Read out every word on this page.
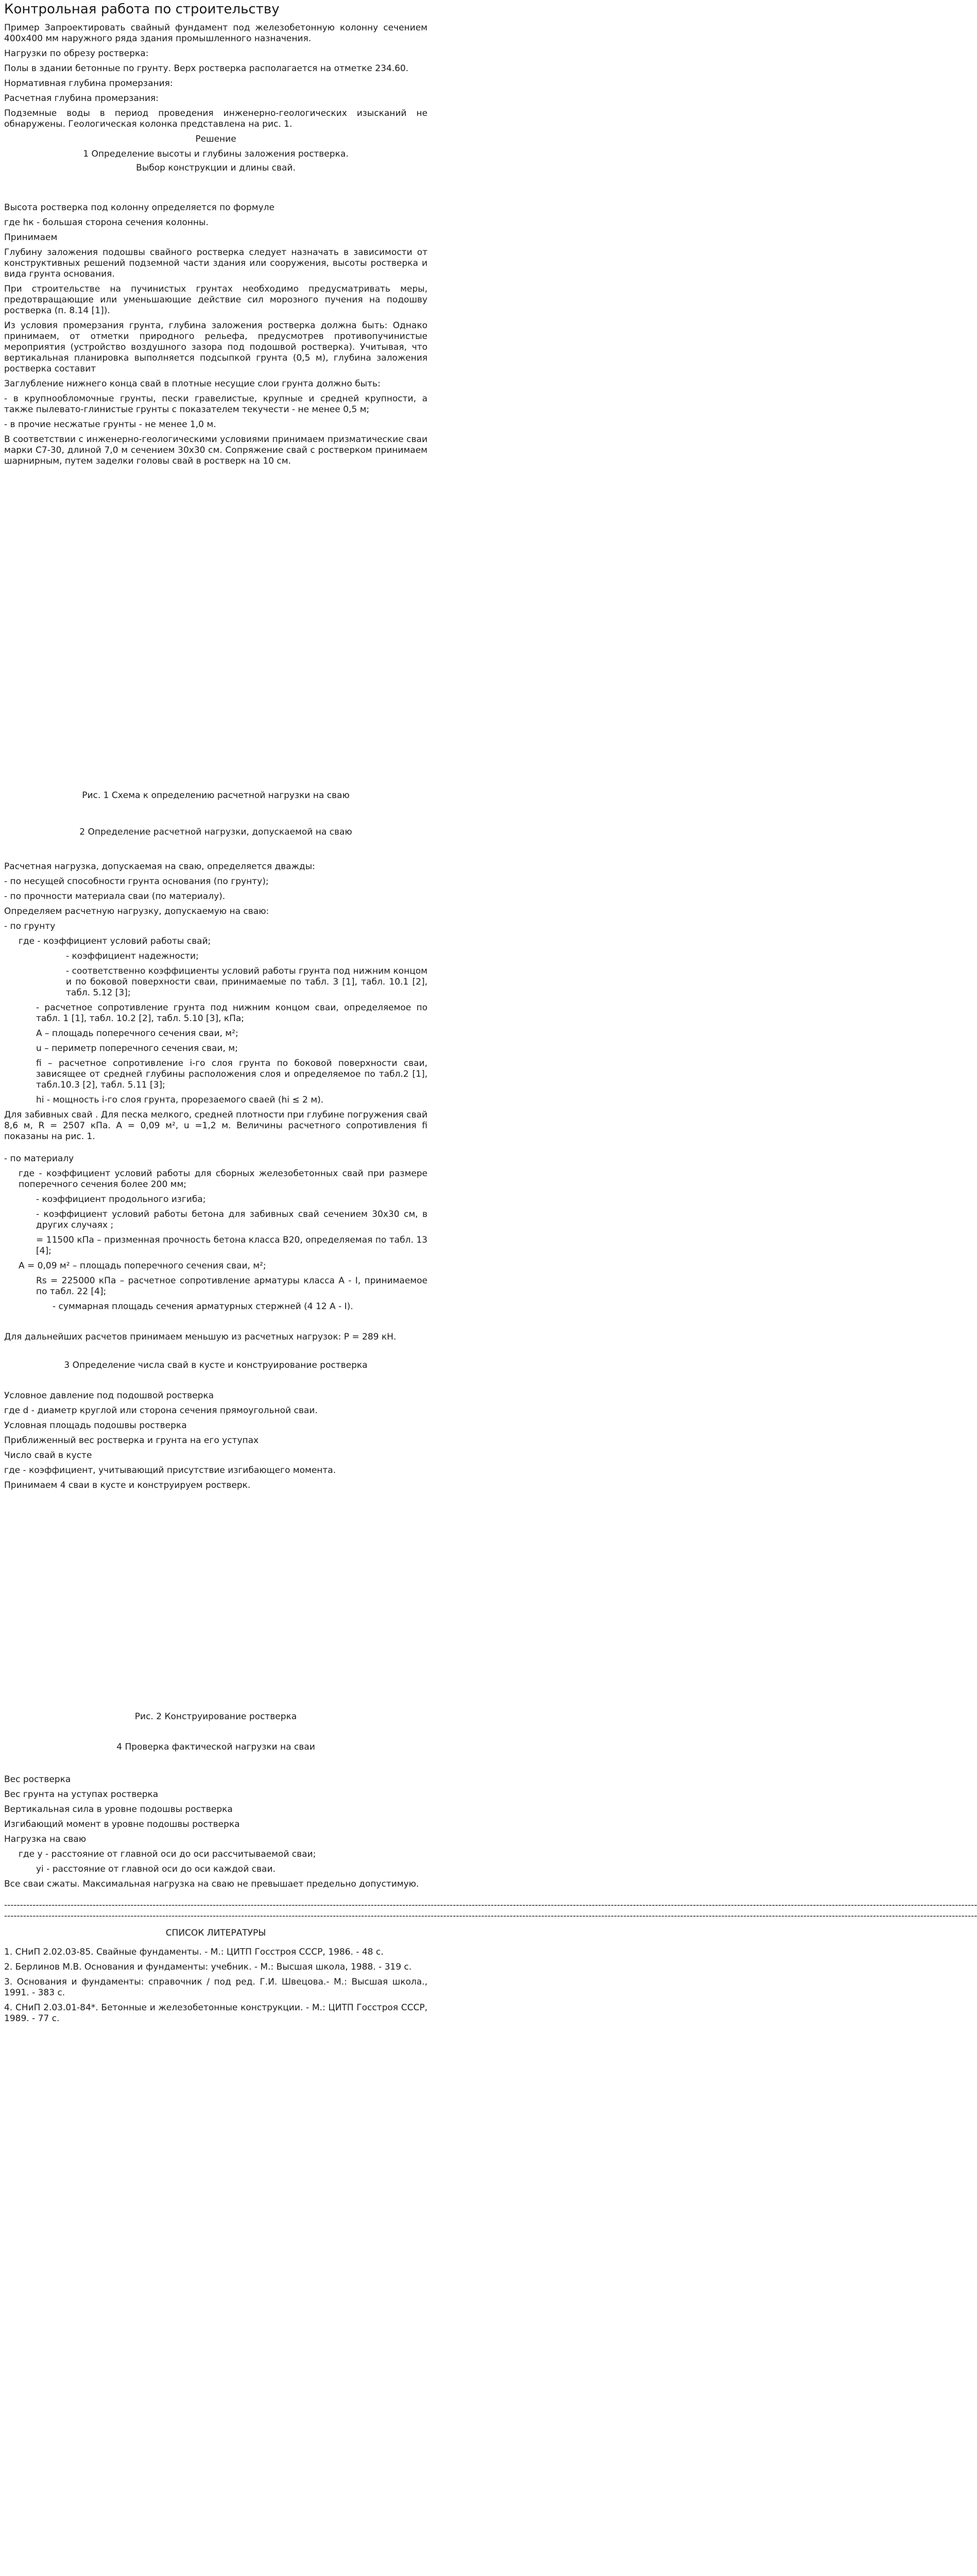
Контрольная работа по строительству

Пример Запроектировать свайный фундамент под железобетонную колонну сечением 400х400 мм наружного ряда здания промышленного назначения.

Нагрузки по обрезу ростверка:

Полы в здании бетонные по грунту. Верх ростверка располагается на отметке 234.60.

Нормативная глубина промерзания:

Расчетная глубина промерзания:

Подземные воды в период проведения инженерно-геологических изысканий не обнаружены. Геологическая колонка представлена на рис. 1.

Решение

1 Определение высоты и глубины заложения ростверка.

Выбор конструкции и длины свай.

Высота ростверка под колонну определяется по формуле

где hк - большая сторона сечения колонны.

Принимаем

Глубину заложения подошвы свайного ростверка следует назначать в зависимости от конструктивных решений подземной части здания или сооружения, высоты ростверка и вида грунта основания.

При строительстве на пучинистых грунтах необходимо предусматривать меры, предотвращающие или уменьшающие действие сил морозного пучения на подошву ростверка (п. 8.14 [1]).

Из условия промерзания грунта, глубина заложения ростверка должна быть: Однако принимаем, от отметки природного рельефа, предусмотрев противопучинистые мероприятия (устройство воздушного зазора под подошвой ростверка). Учитывая, что вертикальная планировка выполняется подсыпкой грунта (0,5 м), глубина заложения ростверка составит

Заглубление нижнего конца свай в плотные несущие слои грунта должно быть:

- в крупнообломочные грунты, пески гравелистые, крупные и средней крупности, а также пылевато-глинистые грунты с показателем текучести - не менее 0,5 м;

- в прочие несжатые грунты - не менее 1,0 м.

В соответствии с инженерно-геологическими условиями принимаем призматические сваи марки С7-30, длиной 7,0 м сечением 30х30 см. Сопряжение свай с ростверком принимаем шарнирным, путем заделки головы свай в ростверк на 10 см.

Рис. 1 Схема к определению расчетной нагрузки на сваю

2 Определение расчетной нагрузки, допускаемой на сваю

Расчетная нагрузка, допускаемая на сваю, определяется дважды:

- по несущей способности грунта основания (по грунту);

- по прочности материала сваи (по материалу).

Определяем расчетную нагрузку, допускаемую на сваю:

- по грунту

где - коэффициент условий работы свай;

- коэффициент надежности;

- соответственно коэффициенты условий работы грунта под нижним концом и по боковой поверхности сваи, принимаемые по табл. 3 [1], табл. 10.1 [2], табл. 5.12 [3];

- расчетное сопротивление грунта под нижним концом сваи, определяемое по табл. 1 [1], табл. 10.2 [2], табл. 5.10 [3], кПа;

А – площадь поперечного сечения сваи, м²;

u – периметр поперечного сечения сваи, м;

fi – расчетное сопротивление i-го слоя грунта по боковой поверхности сваи, зависящее от средней глубины расположения слоя и определяемое по табл.2 [1], табл.10.3 [2], табл. 5.11 [3];

hi - мощность i-го слоя грунта, прорезаемого сваей (hi ≤ 2 м).

Для забивных свай . Для песка мелкого, средней плотности при глубине погружения свай 8,6 м, R = 2507 кПа. А = 0,09 м², u =1,2 м. Величины расчетного сопротивления fi показаны на рис. 1.

- по материалу

где - коэффициент условий работы для сборных железобетонных свай при размере поперечного сечения более 200 мм;

- коэффициент продольного изгиба;

- коэффициент условий работы бетона для забивных свай сечением 30х30 см, в других случаях ;

= 11500 кПа – призменная прочность бетона класса В20, определяемая по табл. 13 [4];

А = 0,09 м² – площадь поперечного сечения сваи, м²;

Rs = 225000 кПа – расчетное сопротивление арматуры класса А - I, принимаемое по табл. 22 [4];

- суммарная площадь сечения арматурных стержней (4 12 А - I).

Для дальнейших расчетов принимаем меньшую из расчетных нагрузок: Р = 289 кН.

3 Определение числа свай в кусте и конструирование ростверка

Условное давление под подошвой ростверка

где d - диаметр круглой или сторона сечения прямоугольной сваи.

Условная площадь подошвы ростверка

Приближенный вес ростверка и грунта на его уступах

Число свай в кусте

где - коэффициент, учитывающий присутствие изгибающего момента.

Принимаем 4 сваи в кусте и конструируем ростверк.

Рис. 2 Конструирование ростверка

4 Проверка фактической нагрузки на сваи

Вес ростверка

Вес грунта на уступах ростверка

Вертикальная сила в уровне подошвы ростверка

Изгибающий момент в уровне подошвы ростверка

Нагрузка на сваю

где у - расстояние от главной оси до оси рассчитываемой сваи;

уi - расстояние от главной оси до оси каждой сваи.

Все сваи сжаты. Максимальная нагрузка на сваю не превышает предельно допустимую.

--------------------------------------------------------------------------------------------------------------------------------------------------------------------------------------------------------------------------------------------------------------------------------------------------------------------

--------------------------------------------------------------------------------------------------------------------------------------------------------------------------------------------------------------------------------------------------------------------------------------------------------------------

СПИСОК ЛИТЕРАТУРЫ

1. СНиП 2.02.03-85. Свайные фундаменты. - М.: ЦИТП Госстроя СССР, 1986. - 48 с.

2. Берлинов М.В. Основания и фундаменты: учебник. - М.: Высшая школа, 1988. - 319 с.

3. Основания и фундаменты: справочник / под ред. Г.И. Швецова.- М.: Высшая школа., 1991. - 383 с.

4. СНиП 2.03.01-84*. Бетонные и железобетонные конструкции. - М.: ЦИТП Госстроя СССР, 1989. - 77 с.
